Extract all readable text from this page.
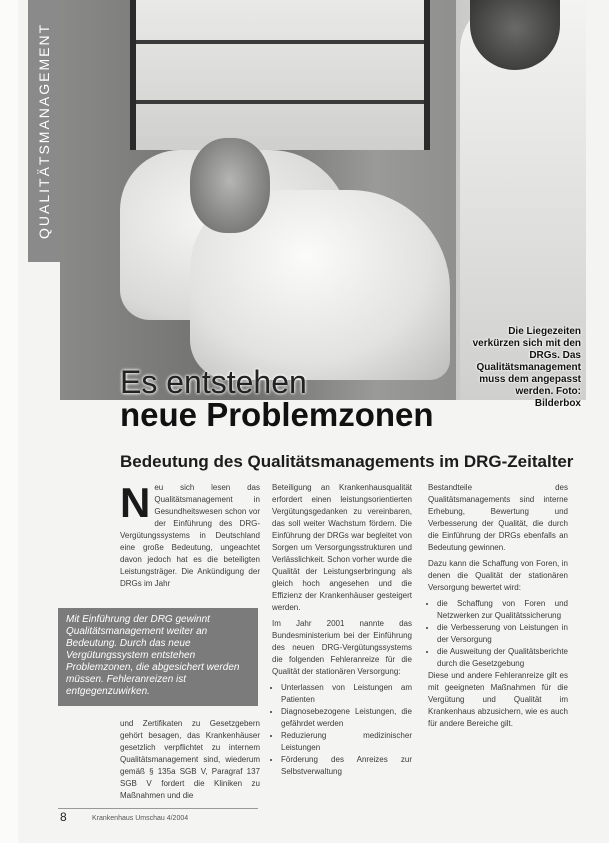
QUALITÄTSMANAGEMENT
Die Liegezeiten verkürzen sich mit den DRGs. Das Qualitätsmanagement muss dem angepasst werden. Foto: Bilderbox
Es entstehen
neue Problemzonen
Bedeutung des Qualitätsmanagements im DRG-Zeitalter

N eu sich lesen das Qualitätsmanagement in Gesundheitswesen schon vor der Einführung des DRG-Vergütungssystems in Deutschland eine große Bedeutung, ungeachtet davon jedoch hat es die beteiligten Leistungsträger. Die Ankündigung der DRGs im Jahr

Mit Einführung der DRG gewinnt Qualitätsmanagement weiter an Bedeutung. Durch das neue Vergütungssystem entstehen Problemzonen, die abgesichert werden müssen. Fehleranreizen ist entgegenzuwirken.

und Zertifikaten zu Gesetzgebern gehört besagen, das Krankenhäuser gesetzlich verpflichtet zu internem Qualitätsmanagement sind, wiederum gemäß § 135a SGB V, Paragraf 137 SGB V fordert die Kliniken zu Maßnahmen und die

Beteiligung an Krankenhausqualität erfordert einen leistungsorientierten Vergütungsgedanken zu vereinbaren, das soll weiter Wachstum fördern. Die Einführung der DRGs war begleitet von Sorgen um Versorgungsstrukturen und Verlässlichkeit. Schon vorher wurde die Qualität der Leistungserbringung als gleich hoch angesehen und die Effizienz der Krankenhäuser gesteigert werden.

Im Jahr 2001 nannte das Bundesministerium bei der Einführung des neuen DRG-Vergütungssystems die folgenden Fehleranreize für die Qualität der stationären Versorgung:

• Unterlassen von Leistungen am Patienten
• Diagnosebezogene Leistungen, die gefährdet werden
• Reduzierung medizinischer Leistungen
• Förderung des Anreizes zur Selbstverwaltung

Bestandteile des Qualitätsmanagements sind interne Erhebung, Bewertung und Verbesserung der Qualität, die durch die Einführung der DRGs ebenfalls an Bedeutung gewinnen.

Dazu kann die Schaffung von Foren, in denen die Qualität der stationären Versorgung bewertet wird:

• die Schaffung von Foren und Netzwerken zur Qualitätssicherung
• die Verbesserung von Leistungen in der Versorgung
• die Ausweitung der Qualitätsberichte durch die Gesetzgebung

Diese und andere Fehleranreize gilt es mit geeigneten Maßnahmen für die Vergütung und Qualität im Krankenhaus abzusichern, wie es auch für andere Bereiche gilt.

8	Krankenhaus Umschau 4/2004
